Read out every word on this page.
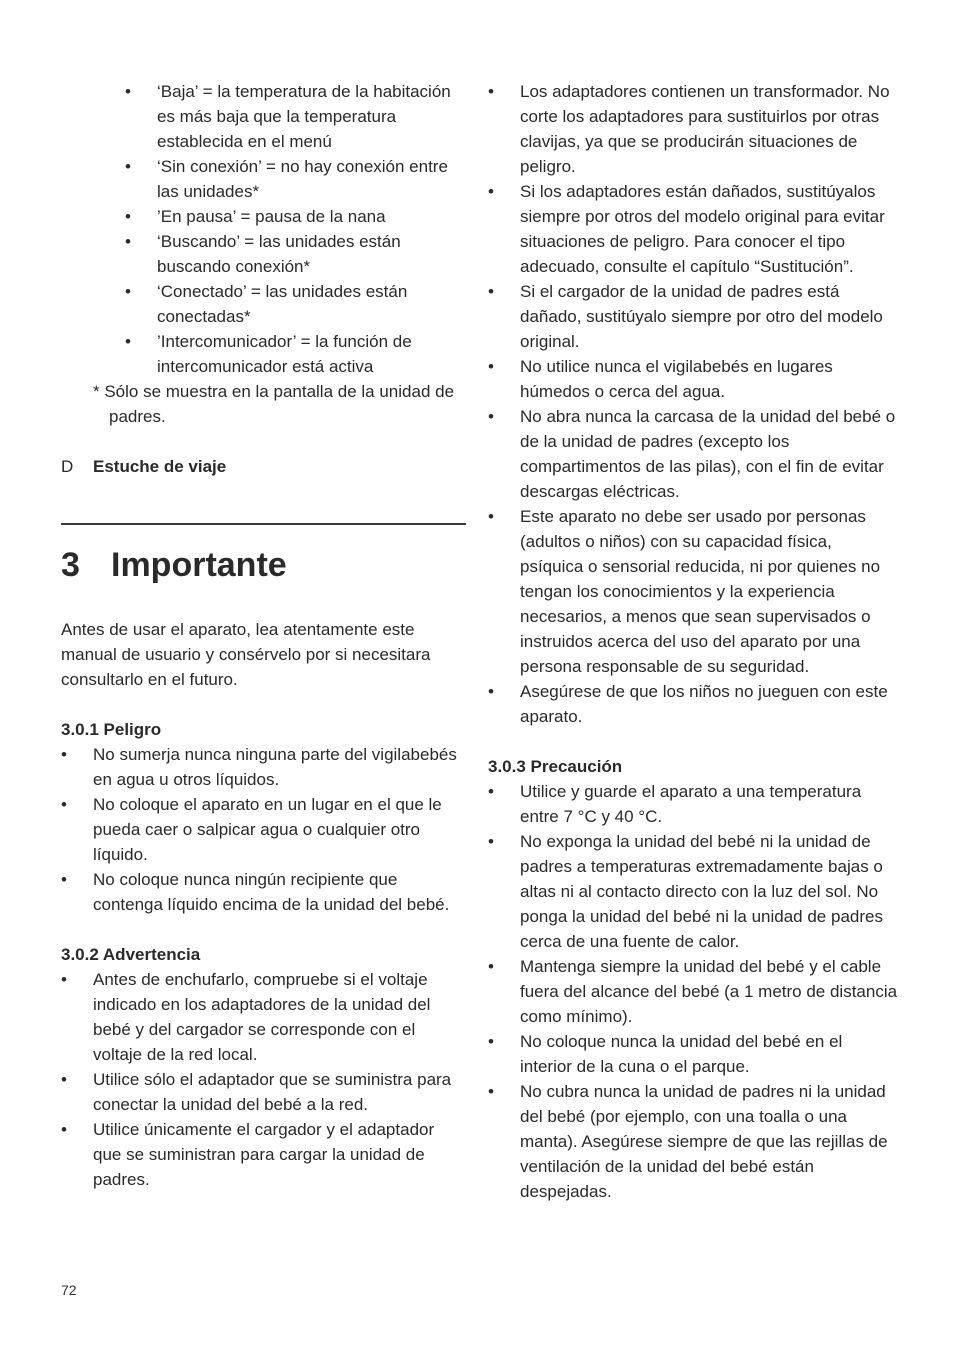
• ‘Baja’ = la temperatura de la habitación es más baja que la temperatura establecida en el menú
• ‘Sin conexión’ = no hay conexión entre las unidades*
• ’En pausa’ = pausa de la nana
• ‘Buscando’ = las unidades están buscando conexión*
• ‘Conectado’ = las unidades están conectadas*
• ’Intercomunicador’ = la función de intercomunicador está activa
* Sólo se muestra en la pantalla de la unidad de padres.
D Estuche de viaje
3 Importante

Antes de usar el aparato, lea atentamente este manual de usuario y consérvelo por si necesitara consultarlo en el futuro.

3.0.1 Peligro
• No sumerja nunca ninguna parte del vigilabebés en agua u otros líquidos.
• No coloque el aparato en un lugar en el que le pueda caer o salpicar agua o cualquier otro líquido.
• No coloque nunca ningún recipiente que contenga líquido encima de la unidad del bebé.
3.0.2 Advertencia
• Antes de enchufarlo, compruebe si el voltaje indicado en los adaptadores de la unidad del bebé y del cargador se corresponde con el voltaje de la red local.
• Utilice sólo el adaptador que se suministra para conectar la unidad del bebé a la red.
• Utilice únicamente el cargador y el adaptador que se suministran para cargar la unidad de padres.
• Los adaptadores contienen un transformador. No corte los adaptadores para sustituirlos por otras clavijas, ya que se producirán situaciones de peligro.
• Si los adaptadores están dañados, sustitúyalos siempre por otros del modelo original para evitar situaciones de peligro. Para conocer el tipo adecuado, consulte el capítulo “Sustitución”.
• Si el cargador de la unidad de padres está dañado, sustitúyalo siempre por otro del modelo original.
• No utilice nunca el vigilabebés en lugares húmedos o cerca del agua.
• No abra nunca la carcasa de la unidad del bebé o de la unidad de padres (excepto los compartimentos de las pilas), con el fin de evitar descargas eléctricas.
• Este aparato no debe ser usado por personas (adultos o niños) con su capacidad física, psíquica o sensorial reducida, ni por quienes no tengan los conocimientos y la experiencia necesarios, a menos que sean supervisados o instruidos acerca del uso del aparato por una persona responsable de su seguridad.
• Asegúrese de que los niños no jueguen con este aparato.
3.0.3 Precaución
• Utilice y guarde el aparato a una temperatura entre 7 °C y 40 °C.
• No exponga la unidad del bebé ni la unidad de padres a temperaturas extremadamente bajas o altas ni al contacto directo con la luz del sol. No ponga la unidad del bebé ni la unidad de padres cerca de una fuente de calor.
• Mantenga siempre la unidad del bebé y el cable fuera del alcance del bebé (a 1 metro de distancia como mínimo).
• No coloque nunca la unidad del bebé en el interior de la cuna o el parque.
• No cubra nunca la unidad de padres ni la unidad del bebé (por ejemplo, con una toalla o una manta). Asegúrese siempre de que las rejillas de ventilación de la unidad del bebé están despejadas.
72
